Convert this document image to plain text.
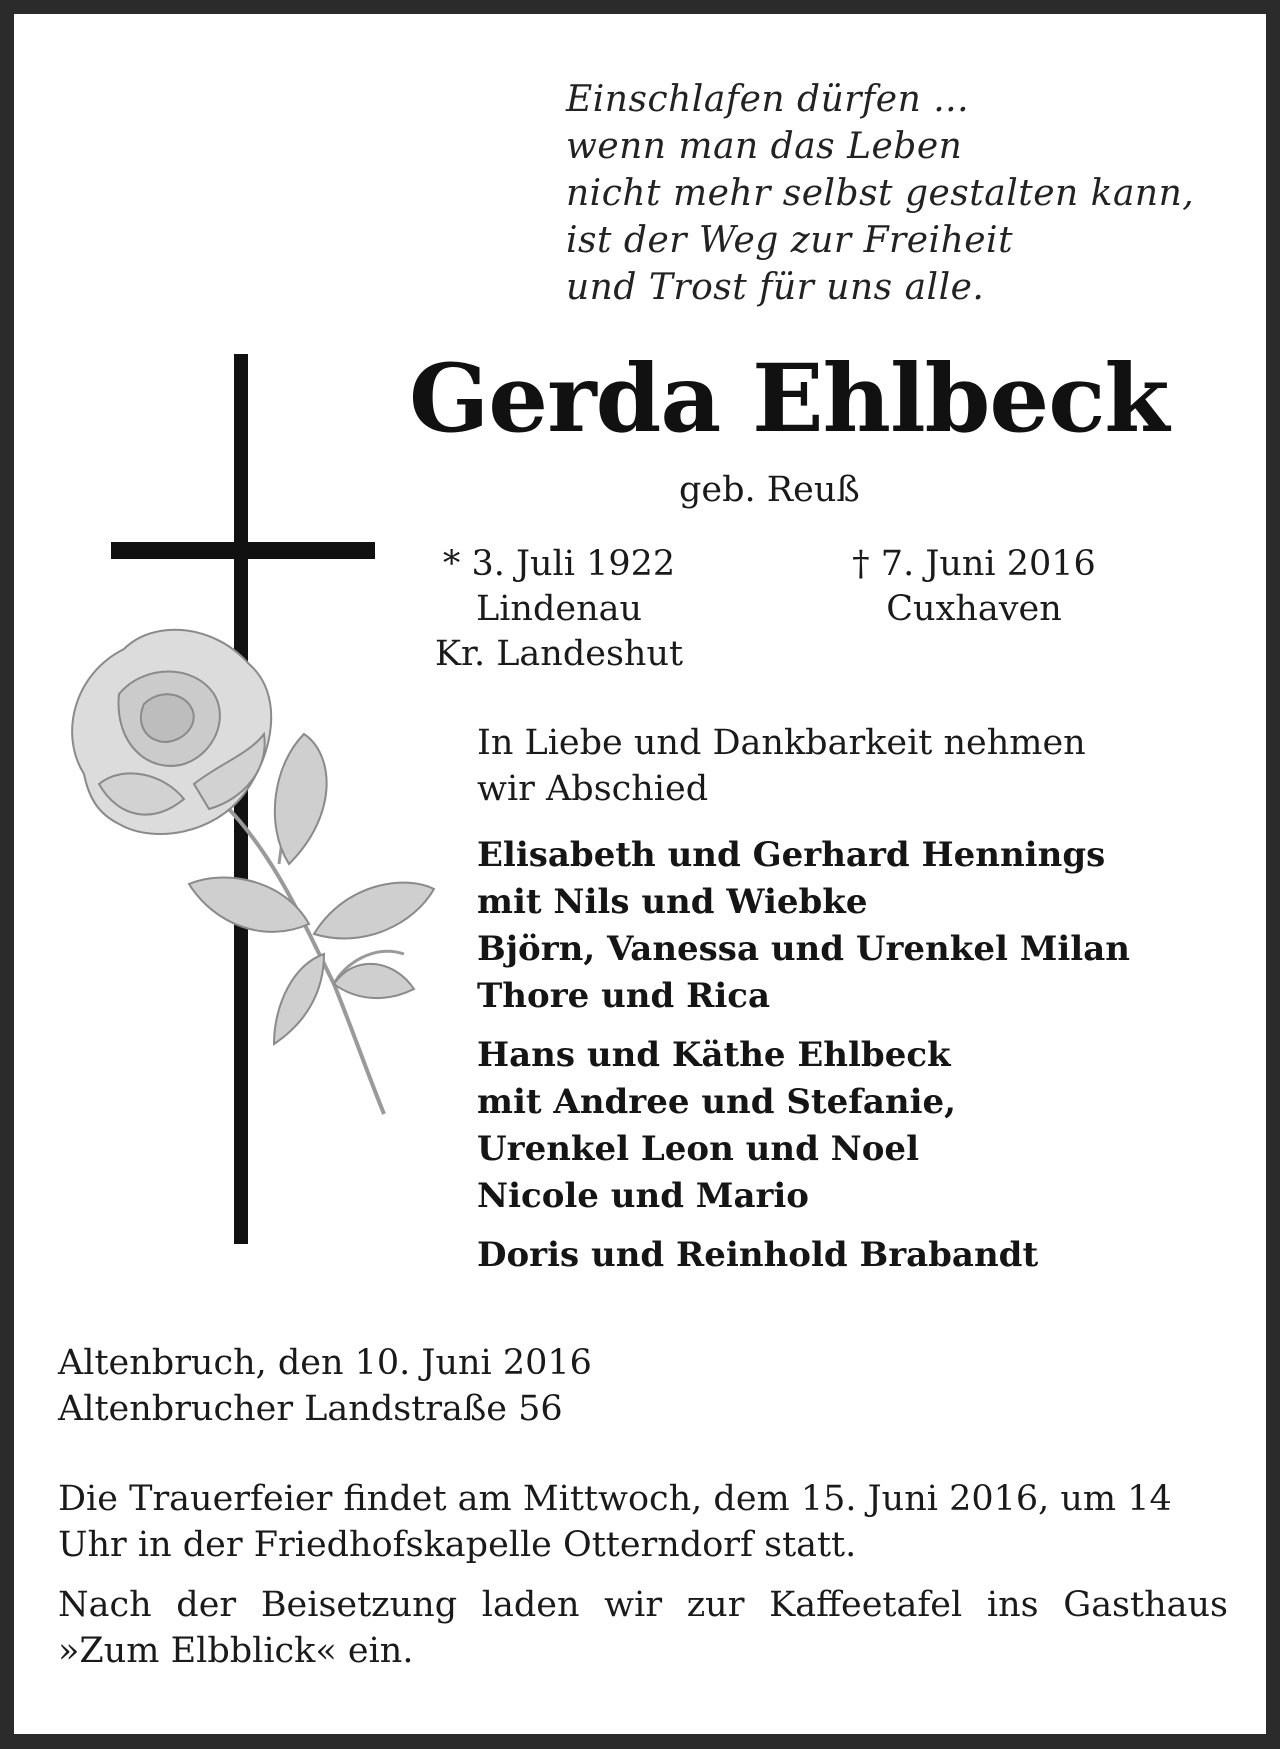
Einschlafen dürfen ...
wenn man das Leben
nicht mehr selbst gestalten kann,
ist der Weg zur Freiheit
und Trost für uns alle.
Gerda Ehlbeck
geb. Reuß
* 3. Juli 1922
Lindenau
Kr. Landeshut
† 7. Juni 2016
Cuxhaven
In Liebe und Dankbarkeit nehmen
wir Abschied
Elisabeth und Gerhard Hennings
mit Nils und Wiebke
Björn, Vanessa und Urenkel Milan
Thore und Rica
Hans und Käthe Ehlbeck
mit Andree und Stefanie,
Urenkel Leon und Noel
Nicole und Mario
Doris und Reinhold Brabandt

Altenbruch, den 10. Juni 2016

Altenbrucher Landstraße 56

Die Trauerfeier findet am Mittwoch, dem 15. Juni 2016, um 14 Uhr in der Friedhofskapelle Otterndorf statt.

Nach der Beisetzung laden wir zur Kaffeetafel ins Gasthaus »Zum Elbblick« ein.
